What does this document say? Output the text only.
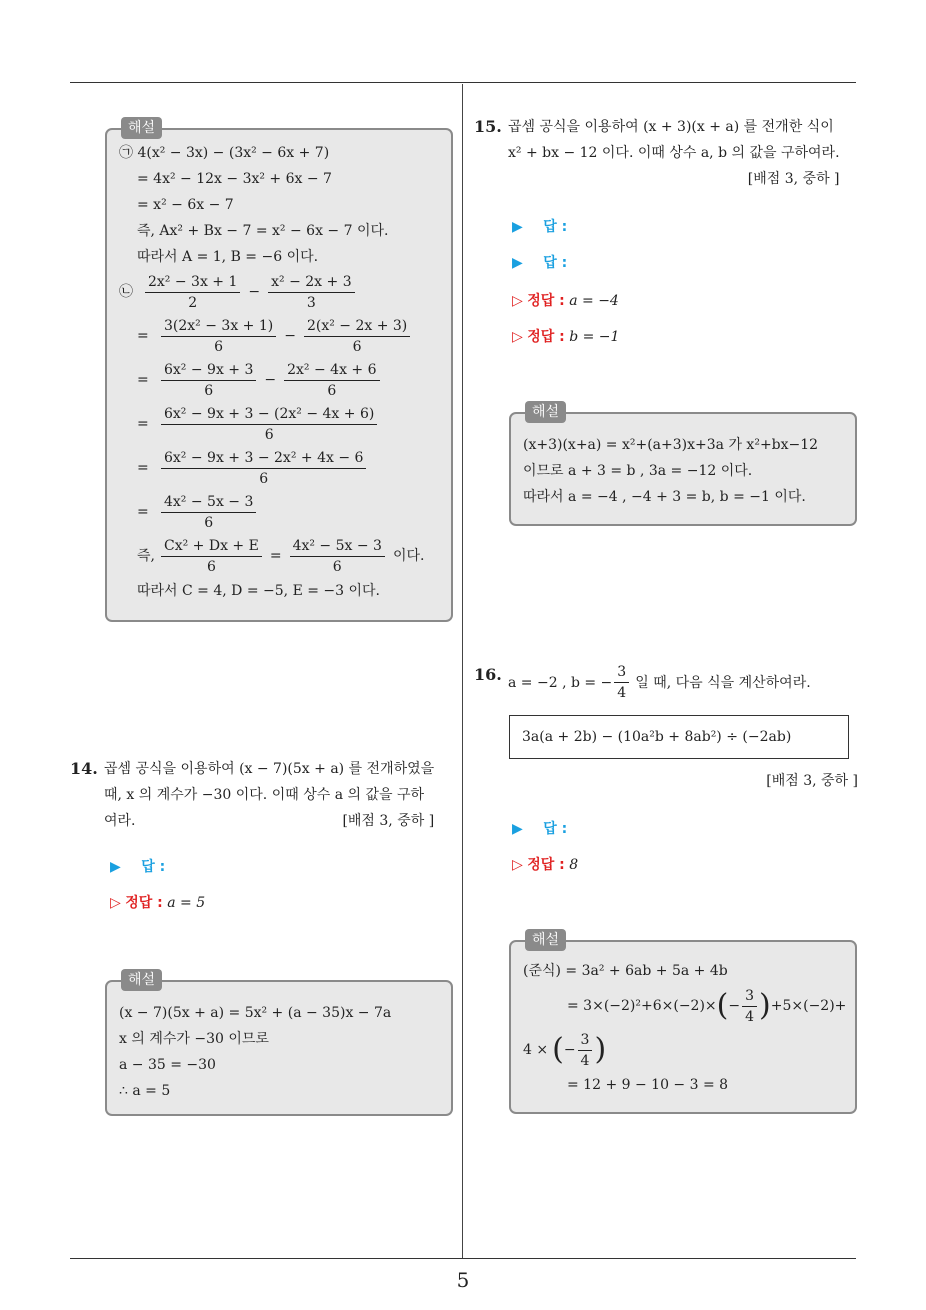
5
해설
㉠ 4(x² − 3x) − (3x² − 6x + 7)
= 4x² − 12x − 3x² + 6x − 7
= x² − 6x − 7
즉, Ax² + Bx − 7 = x² − 6x − 7 이다.
따라서 A = 1, B = −6 이다.
㉡ $\frac{\text{2x² − 3x + 1}}{2} - \frac{\text{x² − 2x + 3}}{3}$
= $\frac{\text{3(2x² − 3x + 1)}}{6} - \frac{\text{2(x² − 2x + 3)}}{6}$
= $\frac{\text{6x² − 9x + 3}}{6} - \frac{\text{2x² − 4x + 6}}{6}$
= $\frac{\text{6x² − 9x + 3 − (2x² − 4x + 6)}}{6}$
= $\frac{\text{6x² − 9x + 3 − 2x² + 4x − 6}}{6}$
= $\frac{\text{4x² − 5x − 3}}{6}$
즉, $\frac{\text{Cx² + Dx + E}}{6} = \frac{\text{4x² − 5x − 3}}{6}$ 이다.
따라서 C = 4, D = −5, E = −3 이다.
14. 곱셈 공식을 이용하여 (x − 7)(5x + a) 를 전개하였을
때, x 의 계수가 −30 이다. 이때 상수 a 의 값을 구하
여라.	[배점 3, 중하 ]
▶ 답 :
▷ 정답 : a = 5
해설
(x − 7)(5x + a) = 5x² + (a − 35)x − 7a
x 의 계수가 −30 이므로
a − 35 = −30
∴ a = 5
15. 곱셈 공식을 이용하여 (x + 3)(x + a) 를 전개한 식이
x² + bx − 12 이다. 이때 상수 a, b 의 값을 구하여라.
[배점 3, 중하 ]
▶ 답 :
▶ 답 :
▷ 정답 : a = −4
▷ 정답 : b = −1
해설
(x+3)(x+a) = x²+(a+3)x+3a 가 x²+bx−12
이므로 a + 3 = b , 3a = −12 이다.
따라서 a = −4 , −4 + 3 = b, b = −1 이다.
16. a = −2 , b = − $\frac{3}{4}$ 일 때, 다음 식을 계산하여라.
3a(a + 2b) − (10a²b + 8ab²) ÷ (−2ab)
[배점 3, 중하 ]
▶ 답 :
▷ 정답 : 8
해설
(준식) = 3a² + 6ab + 5a + 4b
= 3×(−2)²+6×(−2)× ( − $\frac{3}{4}$ ) +5×(−2)+
4 × ( − $\frac{3}{4}$ )
= 12 + 9 − 10 − 3 = 8
